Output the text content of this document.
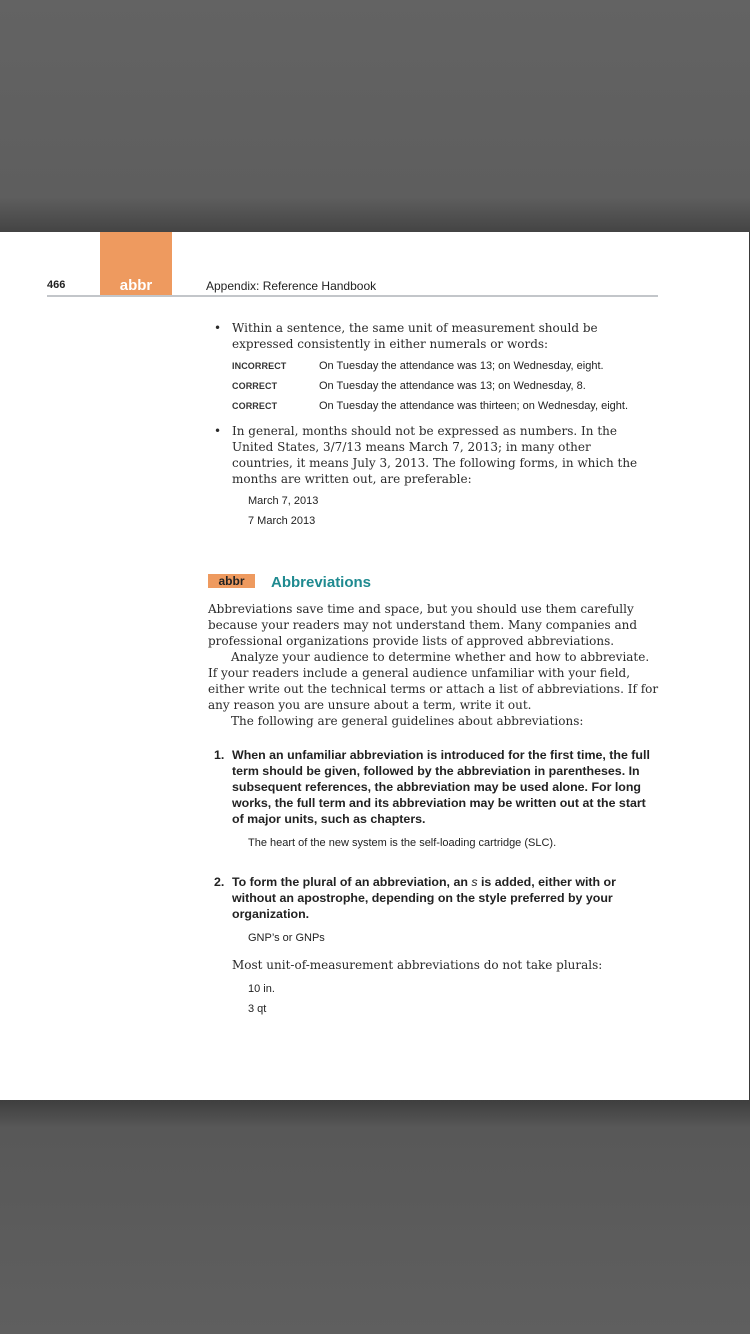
466	abbr	Appendix: Reference Handbook
• Within a sentence, the same unit of measurement should be expressed consistently in either numerals or words:
INCORRECT	On Tuesday the attendance was 13; on Wednesday, eight.
CORRECT	On Tuesday the attendance was 13; on Wednesday, 8.
CORRECT	On Tuesday the attendance was thirteen; on Wednesday, eight.
• In general, months should not be expressed as numbers. In the United States, 3/7/13 means March 7, 2013; in many other countries, it means July 3, 2013. The following forms, in which the months are written out, are preferable:
March 7, 2013
7 March 2013
abbr	Abbreviations

Abbreviations save time and space, but you should use them carefully because your readers may not understand them. Many companies and professional organizations provide lists of approved abbreviations.

Analyze your audience to determine whether and how to abbreviate. If your readers include a general audience unfamiliar with your field, either write out the technical terms or attach a list of abbreviations. If for any reason you are unsure about a term, write it out.

The following are general guidelines about abbreviations:

1. When an unfamiliar abbreviation is introduced for the first time, the full term should be given, followed by the abbreviation in parentheses. In subsequent references, the abbreviation may be used alone. For long works, the full term and its abbreviation may be written out at the start of major units, such as chapters.
The heart of the new system is the self-loading cartridge (SLC).
2. To form the plural of an abbreviation, an s is added, either with or without an apostrophe, depending on the style preferred by your organization.
GNP’s or GNPs
Most unit-of-measurement abbreviations do not take plurals:
10 in.
3 qt
